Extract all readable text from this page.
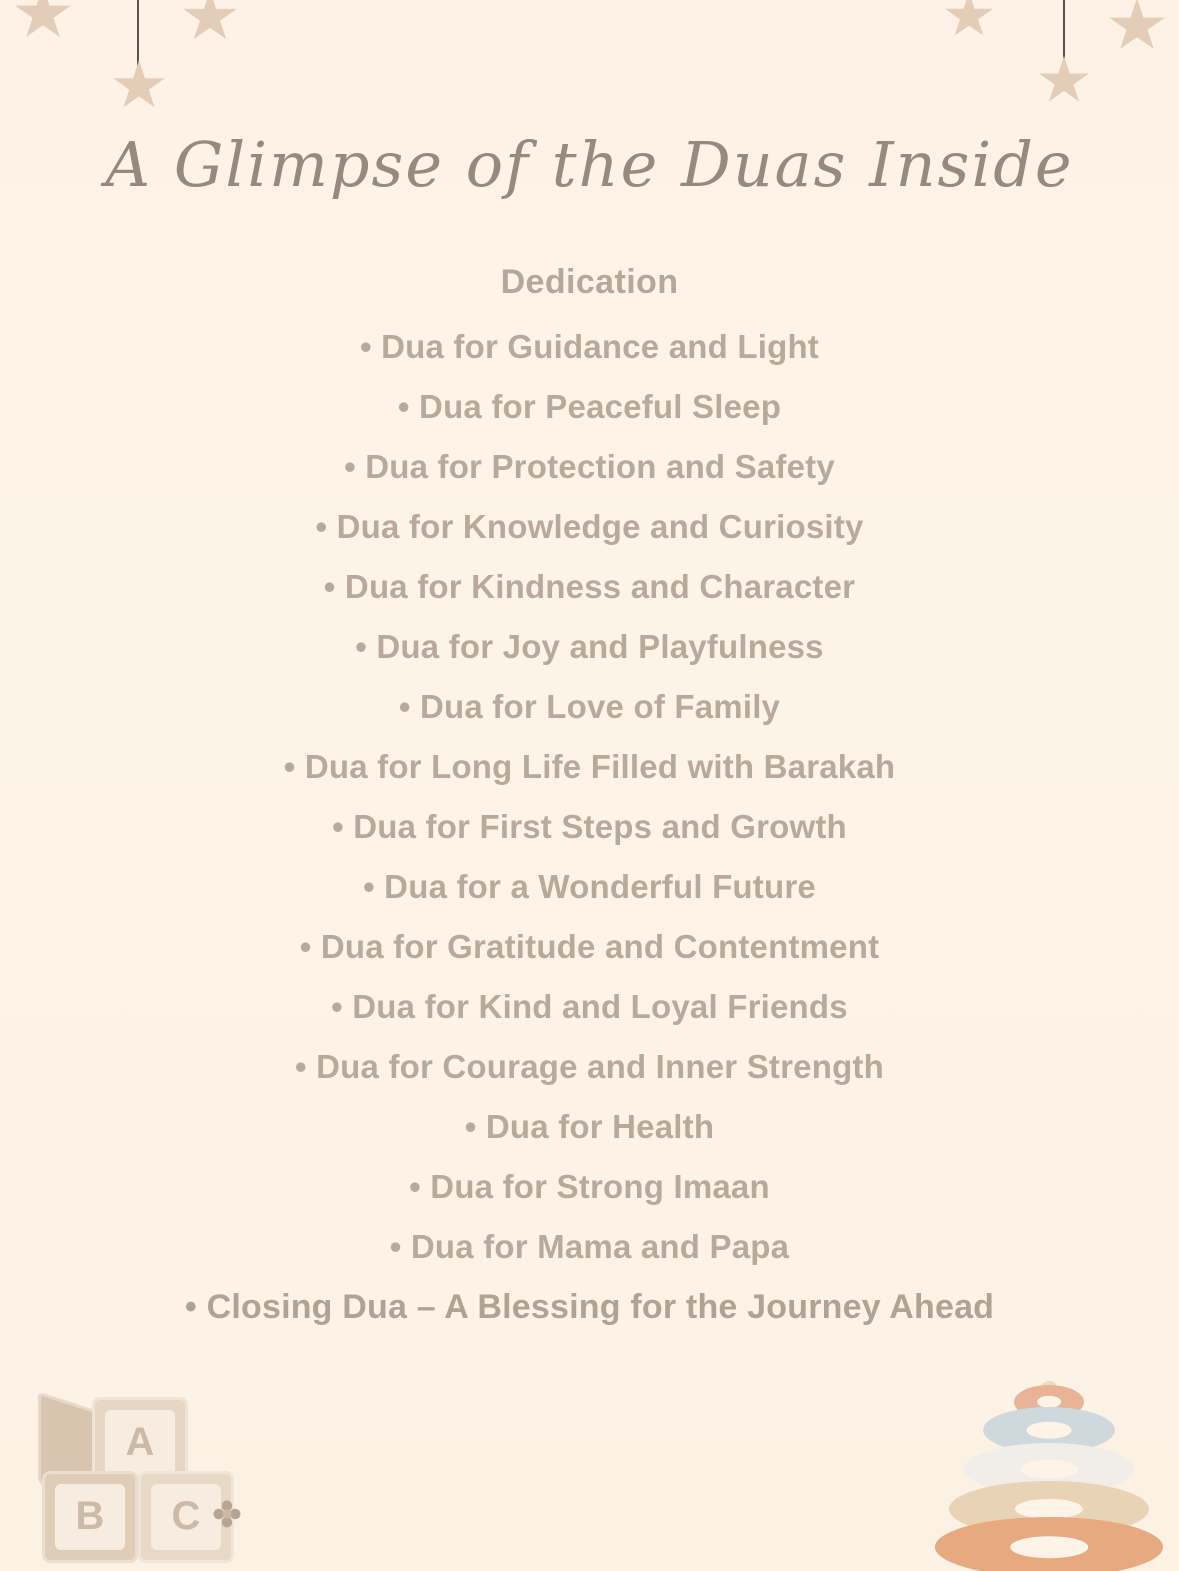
A Glimpse of the Duas Inside

Dedication

• Dua for Guidance and Light
• Dua for Peaceful Sleep
• Dua for Protection and Safety
• Dua for Knowledge and Curiosity
• Dua for Kindness and Character
• Dua for Joy and Playfulness
• Dua for Love of Family
• Dua for Long Life Filled with Barakah
• Dua for First Steps and Growth
• Dua for a Wonderful Future
• Dua for Gratitude and Contentment
• Dua for Kind and Loyal Friends
• Dua for Courage and Inner Strength
• Dua for Health
• Dua for Strong Imaan
• Dua for Mama and Papa
• Closing Dua – A Blessing for the Journey Ahead
A
B	C
